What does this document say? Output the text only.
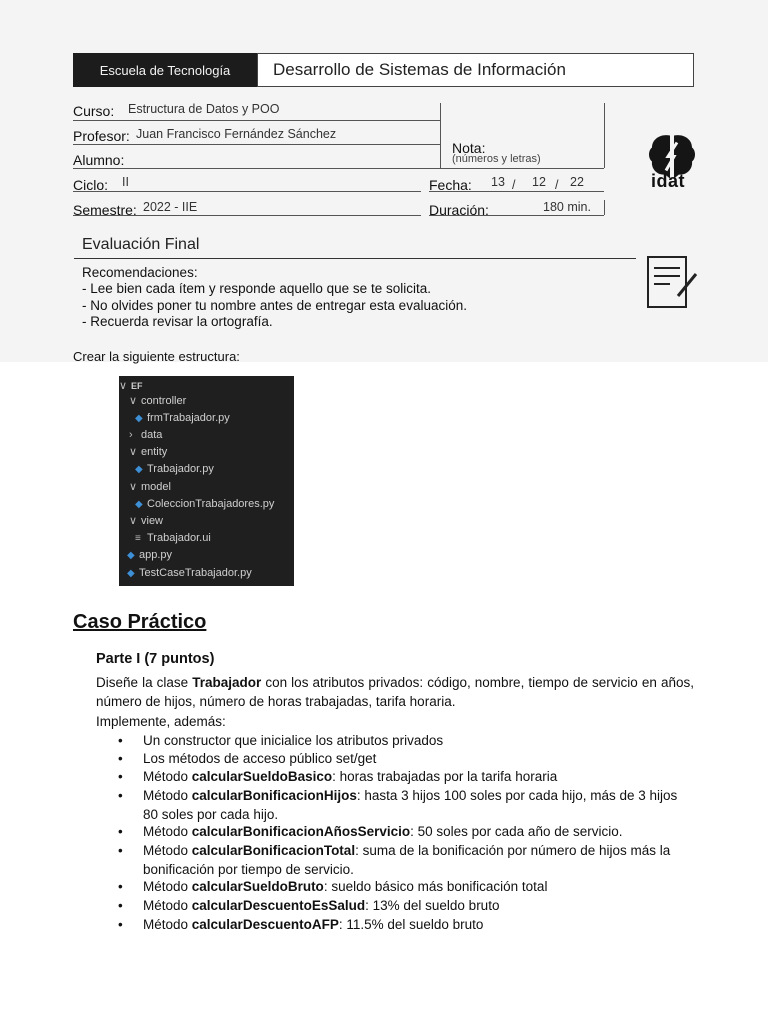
Escuela de Tecnología	Desarrollo de Sistemas de Información
Curso: Estructura de Datos y POO
Profesor: Juan Francisco Fernández Sánchez
Alumno:
Nota:
(números y letras)
Ciclo: II	Fecha: 13 / 12 / 22
Semestre: 2022 - IIE	Duración:	180 min.
idat
Evaluación Final
Recomendaciones:
- Lee bien cada ítem y responde aquello que se te solicita.
- No olvides poner tu nombre antes de entregar esta evaluación.
- Recuerda revisar la ortografía.
Crear la siguiente estructura:
∨ EF
∨ controller
◆ frmTrabajador.py
› data
∨ entity
◆ Trabajador.py
∨ model
◆ ColeccionTrabajadores.py
∨ view
≡ Trabajador.ui
◆ app.py
◆ TestCaseTrabajador.py
Caso Práctico
Parte I (7 puntos)
Diseñe la clase Trabajador con los atributos privados: código, nombre, tiempo de servicio en años, número de hijos, número de horas trabajadas, tarifa horaria.
Implemente, además:
• Un constructor que inicialice los atributos privados
• Los métodos de acceso público set/get
• Método calcularSueldoBasico: horas trabajadas por la tarifa horaria
• Método calcularBonificacionHijos: hasta 3 hijos 100 soles por cada hijo, más de 3 hijos 80 soles por cada hijo.
• Método calcularBonificacionAñosServicio: 50 soles por cada año de servicio.
• Método calcularBonificacionTotal: suma de la bonificación por número de hijos más la bonificación por tiempo de servicio.
• Método calcularSueldoBruto: sueldo básico más bonificación total
• Método calcularDescuentoEsSalud: 13% del sueldo bruto
• Método calcularDescuentoAFP: 11.5% del sueldo bruto
